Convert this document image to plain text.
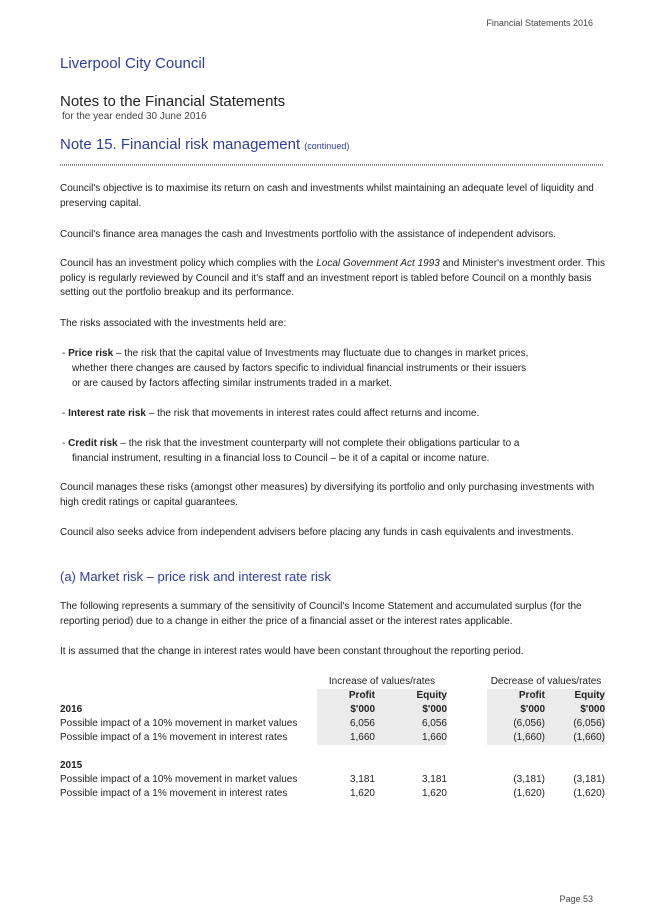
Financial Statements 2016
Liverpool City Council
Notes to the Financial Statements
for the year ended 30 June 2016
Note 15. Financial risk management (continued)

Council's objective is to maximise its return on cash and investments whilst maintaining an adequate level of liquidity and preserving capital.

Council's finance area manages the cash and Investments portfolio with the assistance of independent advisors.

Council has an investment policy which complies with the Local Government Act 1993 and Minister's investment order. This policy is regularly reviewed by Council and it's staff and an investment report is tabled before Council on a monthly basis setting out the portfolio breakup and its performance.

The risks associated with the investments held are:

- Price risk – the risk that the capital value of Investments may fluctuate due to changes in market prices,
whether there changes are caused by factors specific to individual financial instruments or their issuers
or are caused by factors affecting similar instruments traded in a market.
- Interest rate risk – the risk that movements in interest rates could affect returns and income.
- Credit risk – the risk that the investment counterparty will not complete their obligations particular to a
financial instrument, resulting in a financial loss to Council – be it of a capital or income nature.

Council manages these risks (amongst other measures) by diversifying its portfolio and only purchasing investments with high credit ratings or capital guarantees.

Council also seeks advice from independent advisers before placing any funds in cash equivalents and investments.

(a) Market risk – price risk and interest rate risk

The following represents a summary of the sensitivity of Council's Income Statement and accumulated surplus (for the reporting period) due to a change in either the price of a financial asset or the interest rates applicable.

It is assumed that the change in interest rates would have been constant throughout the reporting period.

	Increase of values/rates				Decrease of values/rates		
	Profit		Equity		Profit		Equity
2016	$'000		$'000		$'000		$'000
Possible impact of a 10% movement in market values	6,056		6,056		(6,056)		(6,056)
Possible impact of a 1% movement in interest rates	1,660		1,660		(1,660)		(1,660)

2015							
Possible impact of a 10% movement in market values	3,181		3,181		(3,181)		(3,181)
Possible impact of a 1% movement in interest rates	1,620		1,620		(1,620)		(1,620)
Page 53
